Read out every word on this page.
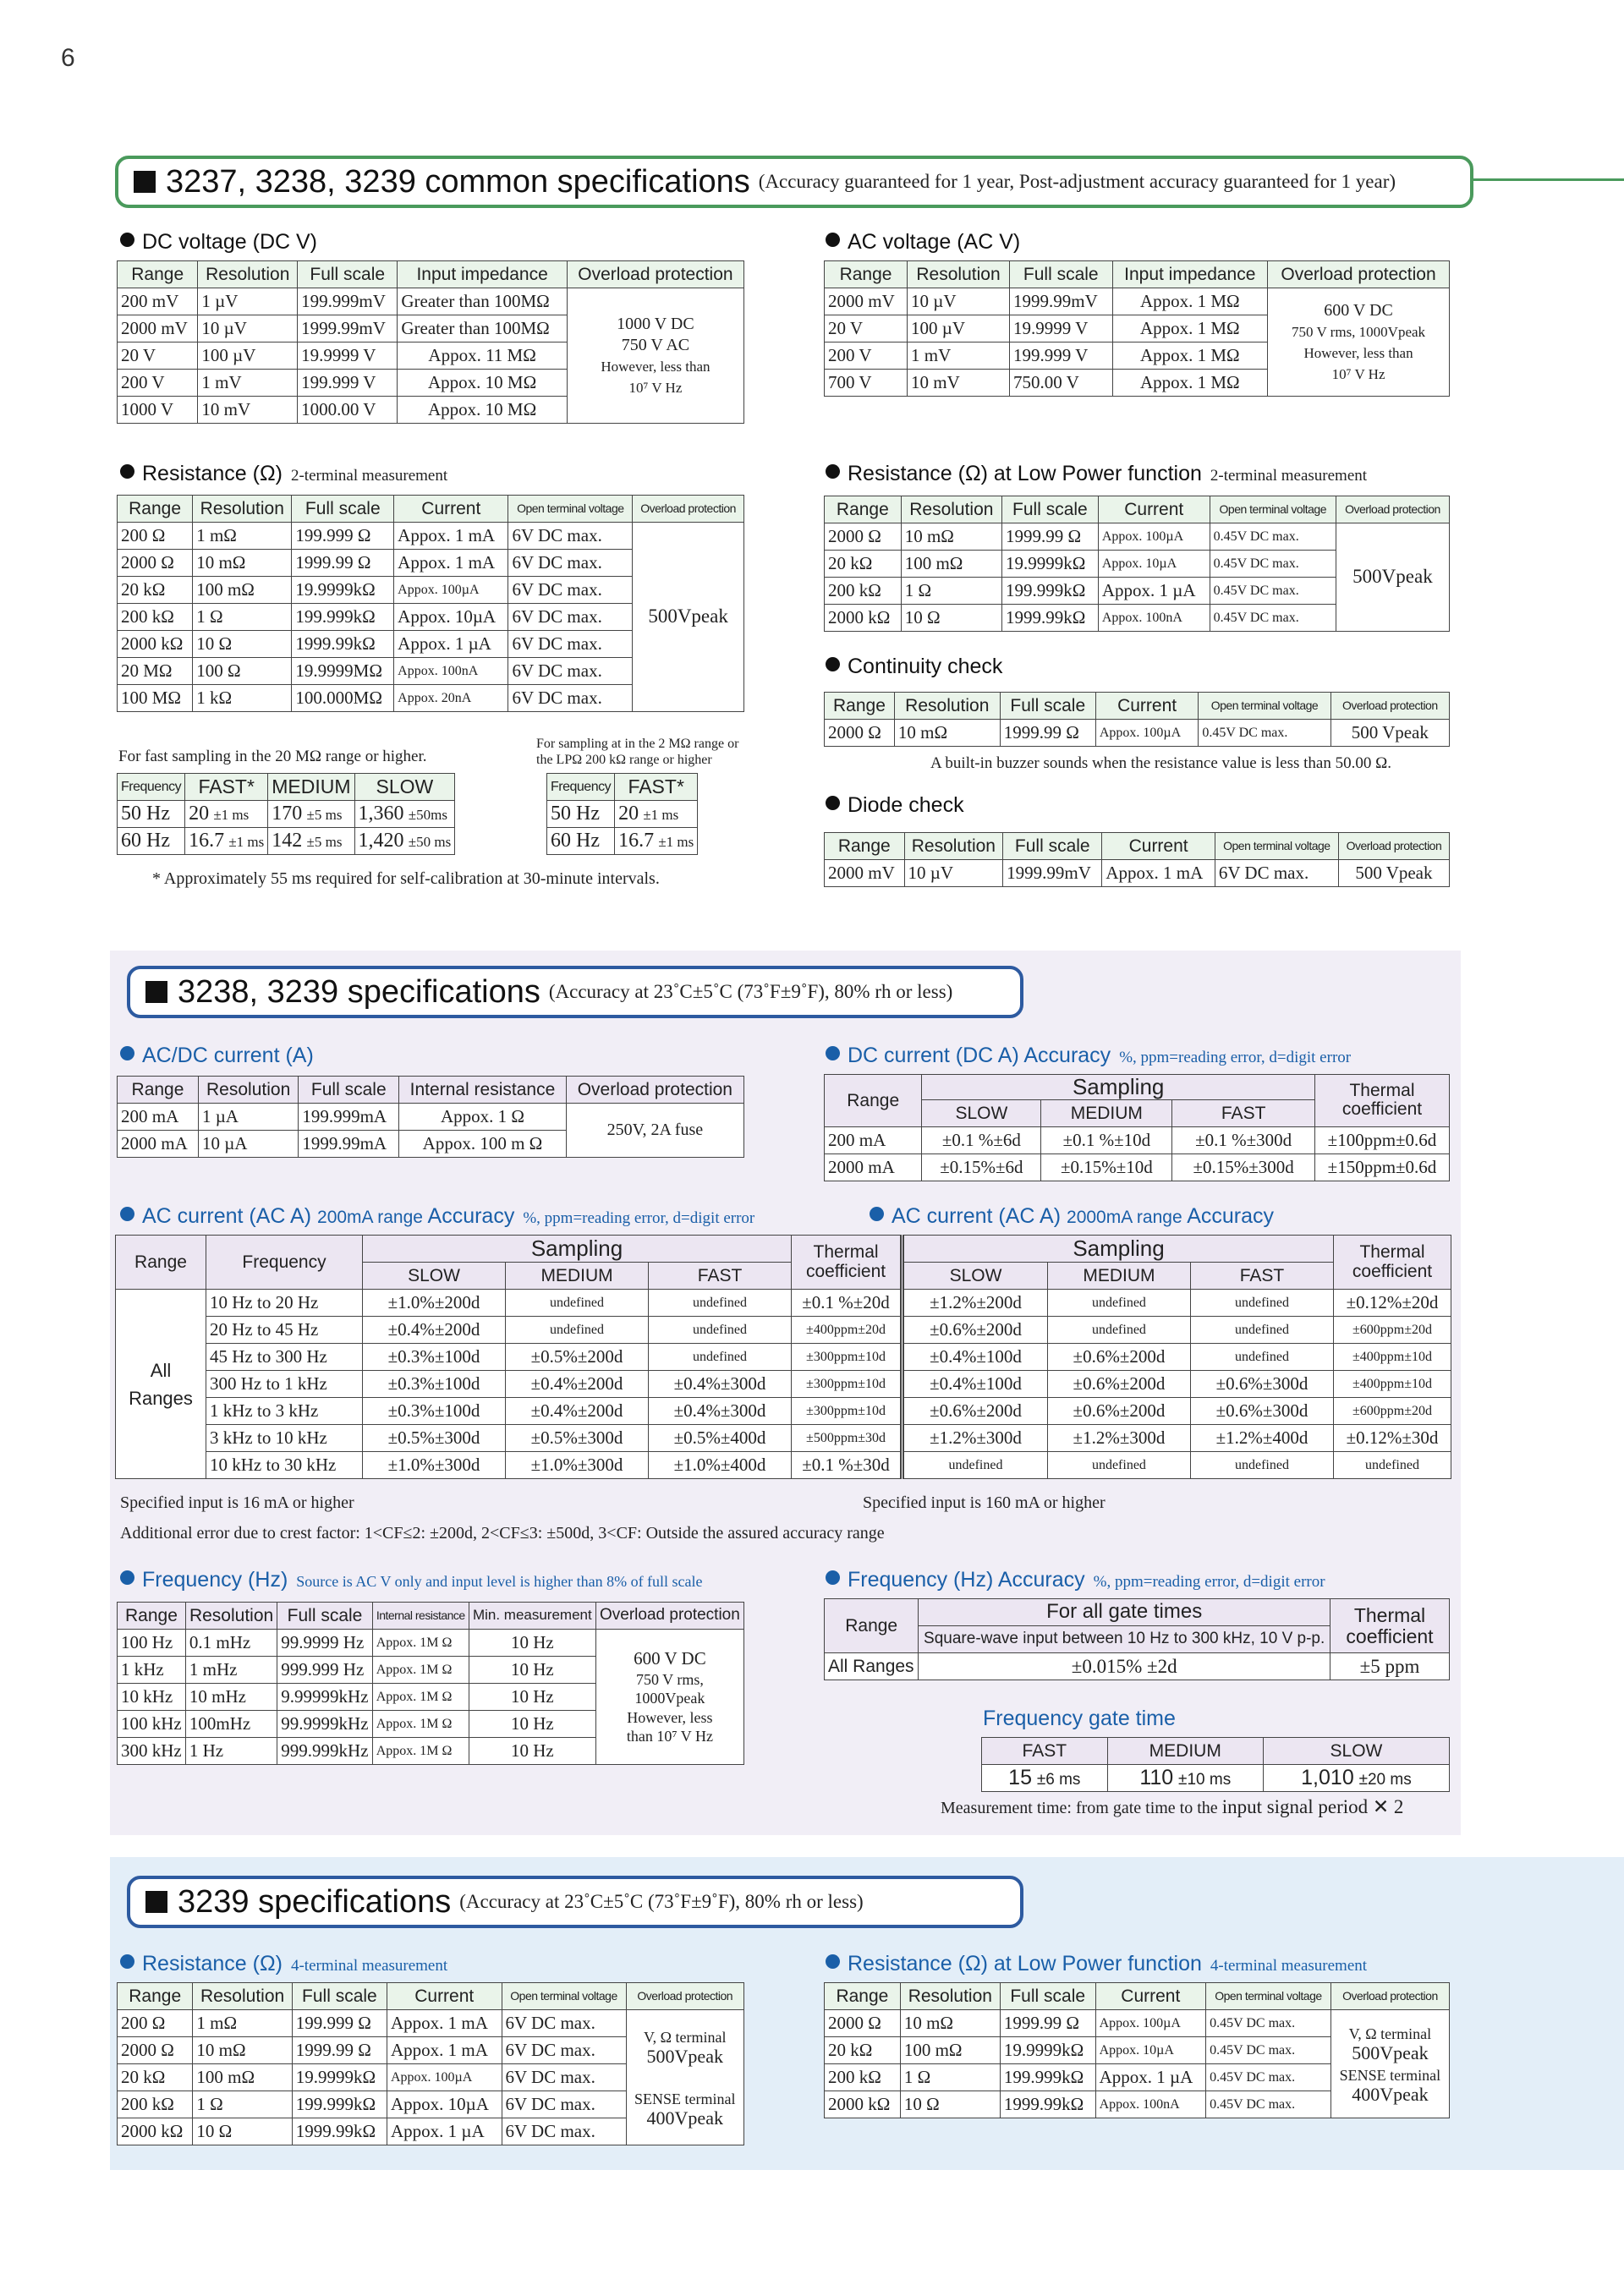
6
3237, 3238, 3239 common specifications (Accuracy guaranteed for 1 year, Post-adjustment accuracy guaranteed for 1 year)
DC voltage (DC V)
Range	Resolution	Full scale	Input impedance	Overload protection
200 mV	1 µV	199.999mV	Greater than 100MΩ	1000 V DC
750 V AC
However, less than
10⁷ V Hz
2000 mV	10 µV	1999.99mV	Greater than 100MΩ	
20 V	100 µV	19.9999 V	Appox. 11 MΩ	
200 V	1 mV	199.999 V	Appox. 10 MΩ	
1000 V	10 mV	1000.00 V	Appox. 10 MΩ	
AC voltage (AC V)
Range	Resolution	Full scale	Input impedance	Overload protection
2000 mV	10 µV	1999.99mV	Appox. 1 MΩ	600 V DC
750 V rms, 1000Vpeak
However, less than
10⁷ V Hz
20 V	100 µV	19.9999 V	Appox. 1 MΩ	
200 V	1 mV	199.999 V	Appox. 1 MΩ	
700 V	10 mV	750.00 V	Appox. 1 MΩ	
Resistance (Ω) 2-terminal measurement
Range	Resolution	Full scale	Current	Open terminal voltage	Overload protection
200 Ω	1 mΩ	199.999 Ω	Appox. 1 mA	6V DC max.	500Vpeak
2000 Ω	10 mΩ	1999.99 Ω	Appox. 1 mA	6V DC max.	
20 kΩ	100 mΩ	19.9999kΩ	Appox. 100µA	6V DC max.	
200 kΩ	1 Ω	199.999kΩ	Appox. 10µA	6V DC max.	
2000 kΩ	10 Ω	1999.99kΩ	Appox. 1 µA	6V DC max.	
20 MΩ	100 Ω	19.9999MΩ	Appox. 100nA	6V DC max.	
100 MΩ	1 kΩ	100.000MΩ	Appox. 20nA	6V DC max.	
For fast sampling in the 20 MΩ range or higher.
For sampling at in the 2 MΩ range or
the LPΩ 200 kΩ range or higher
Frequency	FAST*	MEDIUM	SLOW
50 Hz	20 ±1 ms	170 ±5 ms	1,360 ±50ms
60 Hz	16.7 ±1 ms	142 ±5 ms	1,420 ±50 ms
Frequency	FAST*
50 Hz	20 ±1 ms
60 Hz	16.7 ±1 ms
* Approximately 55 ms required for self-calibration at 30-minute intervals.
Resistance (Ω) at Low Power function 2-terminal measurement
Range	Resolution	Full scale	Current	Open terminal voltage	Overload protection
2000 Ω	10 mΩ	1999.99 Ω	Appox. 100µA	0.45V DC max.	500Vpeak
20 kΩ	100 mΩ	19.9999kΩ	Appox. 10µA	0.45V DC max.	
200 kΩ	1 Ω	199.999kΩ	Appox. 1 µA	0.45V DC max.	
2000 kΩ	10 Ω	1999.99kΩ	Appox. 100nA	0.45V DC max.	
Continuity check
Range	Resolution	Full scale	Current	Open terminal voltage	Overload protection
2000 Ω	10 mΩ	1999.99 Ω	Appox. 100µA	0.45V DC max.	500 Vpeak
A built-in buzzer sounds when the resistance value is less than 50.00 Ω.
Diode check
Range	Resolution	Full scale	Current	Open terminal voltage	Overload protection
2000 mV	10 µV	1999.99mV	Appox. 1 mA	6V DC max.	500 Vpeak
3238, 3239 specifications (Accuracy at 23˚C±5˚C (73˚F±9˚F), 80% rh or less)
AC/DC current (A)
Range	Resolution	Full scale	Internal resistance	Overload protection
200 mA	1 µA	199.999mA	Appox. 1 Ω	250V, 2A fuse
2000 mA	10 µA	1999.99mA	Appox. 100 m Ω	
DC current (DC A) Accuracy %, ppm=reading error, d=digit error
Range	Sampling			Thermal coefficient
	SLOW	MEDIUM	FAST	
200 mA	±0.1 %±6d	±0.1 %±10d	±0.1 %±300d	±100ppm±0.6d
2000 mA	±0.15%±6d	±0.15%±10d	±0.15%±300d	±150ppm±0.6d
AC current (AC A) 200mA range Accuracy %, ppm=reading error, d=digit error	AC current (AC A) 2000mA range Accuracy
Range	Frequency	Sampling			Thermal coefficient	Sampling			Thermal coefficient
		SLOW	MEDIUM	FAST		SLOW	MEDIUM	FAST	
All
Ranges	10 Hz to 20 Hz	±1.0%±200d	undefined	undefined	±0.1 %±20d	±1.2%±200d	undefined	undefined	±0.12%±20d
	20 Hz to 45 Hz	±0.4%±200d	undefined	undefined	±400ppm±20d	±0.6%±200d	undefined	undefined	±600ppm±20d
	45 Hz to 300 Hz	±0.3%±100d	±0.5%±200d	undefined	±300ppm±10d	±0.4%±100d	±0.6%±200d	undefined	±400ppm±10d
	300 Hz to 1 kHz	±0.3%±100d	±0.4%±200d	±0.4%±300d	±300ppm±10d	±0.4%±100d	±0.6%±200d	±0.6%±300d	±400ppm±10d
	1 kHz to 3 kHz	±0.3%±100d	±0.4%±200d	±0.4%±300d	±300ppm±10d	±0.6%±200d	±0.6%±200d	±0.6%±300d	±600ppm±20d
	3 kHz to 10 kHz	±0.5%±300d	±0.5%±300d	±0.5%±400d	±500ppm±30d	±1.2%±300d	±1.2%±300d	±1.2%±400d	±0.12%±30d
	10 kHz to 30 kHz	±1.0%±300d	±1.0%±300d	±1.0%±400d	±0.1 %±30d	undefined	undefined	undefined	undefined
Specified input is 16 mA or higher	Specified input is 160 mA or higher
Additional error due to crest factor: 1<CF≤2: ±200d, 2<CF≤3: ±500d, 3<CF: Outside the assured accuracy range
Frequency (Hz) Source is AC V only and input level is higher than 8% of full scale
Range	Resolution	Full scale	Internal resistance	Min. measurement	Overload protection
100 Hz	0.1 mHz	99.9999 Hz	Appox. 1M Ω	10 Hz	600 V DC
750 V rms,
1000Vpeak
However, less
than 10⁷ V Hz
1 kHz	1 mHz	999.999 Hz	Appox. 1M Ω	10 Hz	
10 kHz	10 mHz	9.99999kHz	Appox. 1M Ω	10 Hz	
100 kHz	100mHz	99.9999kHz	Appox. 1M Ω	10 Hz	
300 kHz	1 Hz	999.999kHz	Appox. 1M Ω	10 Hz	
Frequency (Hz) Accuracy %, ppm=reading error, d=digit error
Range	For all gate times	Thermal coefficient
	Square-wave input between 10 Hz to 300 kHz, 10 V p-p.	
All Ranges	±0.015% ±2d	±5 ppm
Frequency gate time
FAST	MEDIUM	SLOW
15 ±6 ms	110 ±10 ms	1,010 ±20 ms
Measurement time: from gate time to the input signal period ✕ 2
3239 specifications (Accuracy at 23˚C±5˚C (73˚F±9˚F), 80% rh or less)
Resistance (Ω) 4-terminal measurement
Range	Resolution	Full scale	Current	Open terminal voltage	Overload protection
200 Ω	1 mΩ	199.999 Ω	Appox. 1 mA	6V DC max.	V, Ω terminal
500Vpeak

SENSE terminal
400Vpeak
2000 Ω	10 mΩ	1999.99 Ω	Appox. 1 mA	6V DC max.	
20 kΩ	100 mΩ	19.9999kΩ	Appox. 100µA	6V DC max.	
200 kΩ	1 Ω	199.999kΩ	Appox. 10µA	6V DC max.	
2000 kΩ	10 Ω	1999.99kΩ	Appox. 1 µA	6V DC max.	
Resistance (Ω) at Low Power function 4-terminal measurement
Range	Resolution	Full scale	Current	Open terminal voltage	Overload protection
2000 Ω	10 mΩ	1999.99 Ω	Appox. 100µA	0.45V DC max.	V, Ω terminal
500Vpeak
SENSE terminal
400Vpeak
20 kΩ	100 mΩ	19.9999kΩ	Appox. 10µA	0.45V DC max.	
200 kΩ	1 Ω	199.999kΩ	Appox. 1 µA	0.45V DC max.	
2000 kΩ	10 Ω	1999.99kΩ	Appox. 100nA	0.45V DC max.	
